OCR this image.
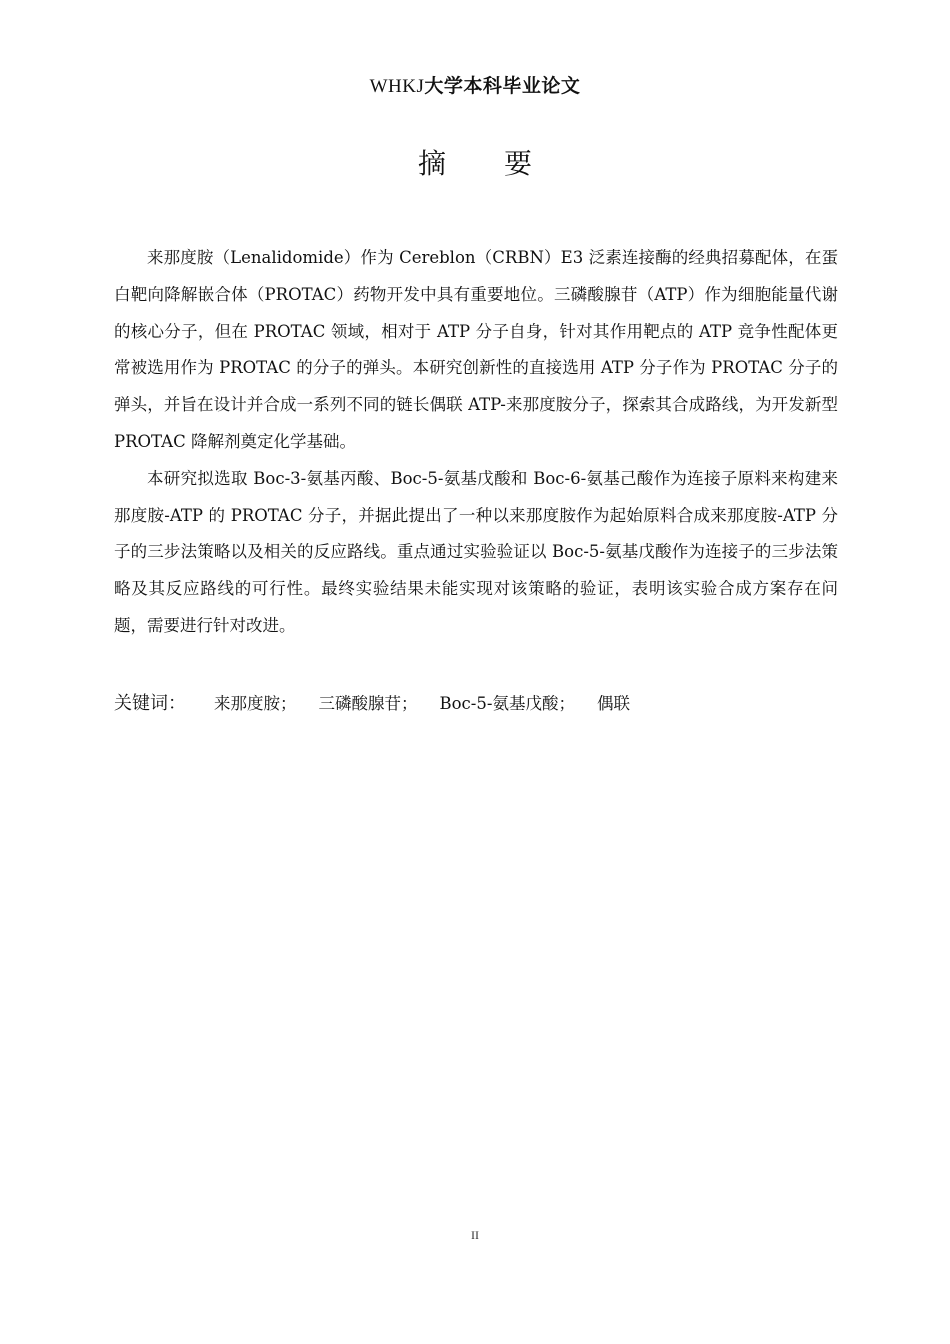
WHKJ大学本科毕业论文
摘要

来那度胺（Lenalidomide）作为 Cereblon（CRBN）E3 泛素连接酶的经典招募配体，在蛋白靶向降解嵌合体（PROTAC）药物开发中具有重要地位。三磷酸腺苷（ATP）作为细胞能量代谢的核心分子，但在 PROTAC 领域，相对于 ATP 分子自身，针对其作用靶点的 ATP 竞争性配体更常被选用作为 PROTAC 的分子的弹头。本研究创新性的直接选用 ATP 分子作为 PROTAC 分子的弹头，并旨在设计并合成一系列不同的链长偶联 ATP-来那度胺分子，探索其合成路线，为开发新型 PROTAC 降解剂奠定化学基础。

本研究拟选取 Boc-3-氨基丙酸、Boc-5-氨基戊酸和 Boc-6-氨基己酸作为连接子原料来构建来那度胺-ATP 的 PROTAC 分子，并据此提出了一种以来那度胺作为起始原料合成来那度胺-ATP 分子的三步法策略以及相关的反应路线。重点通过实验验证以 Boc-5-氨基戊酸作为连接子的三步法策略及其反应路线的可行性。最终实验结果未能实现对该策略的验证，表明该实验合成方案存在问题，需要进行针对改进。

关键词： 来那度胺； 三磷酸腺苷； Boc-5-氨基戊酸； 偶联
II
